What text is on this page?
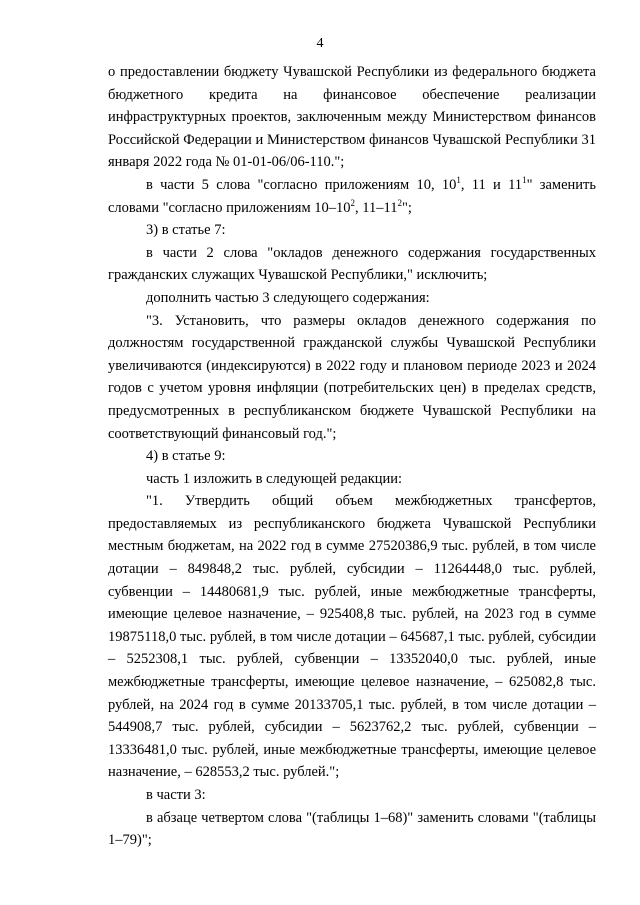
4

о предоставлении бюджету Чувашской Республики из федерального бюджета бюджетного кредита на финансовое обеспечение реализации инфраструктурных проектов, заключенным между Министерством финансов Российской Федерации и Министерством финансов Чувашской Республики 31 января 2022 года № 01-01-06/06-110.";

в части 5 слова "согласно приложениям 10, $10^1$, 11 и $11^1$" заменить словами "согласно приложениям $10-10^2$, $11-11^2$";

3) в статье 7:

в части 2 слова "окладов денежного содержания государственных гражданских служащих Чувашской Республики," исключить;

дополнить частью 3 следующего содержания:

"3. Установить, что размеры окладов денежного содержания по должностям государственной гражданской службы Чувашской Республики увеличиваются (индексируются) в 2022 году и плановом периоде 2023 и 2024 годов с учетом уровня инфляции (потребительских цен) в пределах средств, предусмотренных в республиканском бюджете Чувашской Республики на соответствующий финансовый год.";

4) в статье 9:

часть 1 изложить в следующей редакции:

"1. Утвердить общий объем межбюджетных трансфертов, предоставляемых из республиканского бюджета Чувашской Республики местным бюджетам, на 2022 год в сумме 27520386,9 тыс. рублей, в том числе дотации – 849848,2 тыс. рублей, субсидии – 11264448,0 тыс. рублей, субвенции – 14480681,9 тыс. рублей, иные межбюджетные трансферты, имеющие целевое назначение, – 925408,8 тыс. рублей, на 2023 год в сумме 19875118,0 тыс. рублей, в том числе дотации – 645687,1 тыс. рублей, субсидии – 5252308,1 тыс. рублей, субвенции – 13352040,0 тыс. рублей, иные межбюджетные трансферты, имеющие целевое назначение, – 625082,8 тыс. рублей, на 2024 год в сумме 20133705,1 тыс. рублей, в том числе дотации – 544908,7 тыс. рублей, субсидии – 5623762,2 тыс. рублей, субвенции – 13336481,0 тыс. рублей, иные межбюджетные трансферты, имеющие целевое назначение, – 628553,2 тыс. рублей.";

в части 3:

в абзаце четвертом слова "(таблицы 1–68)" заменить словами "(таблицы 1–79)";
